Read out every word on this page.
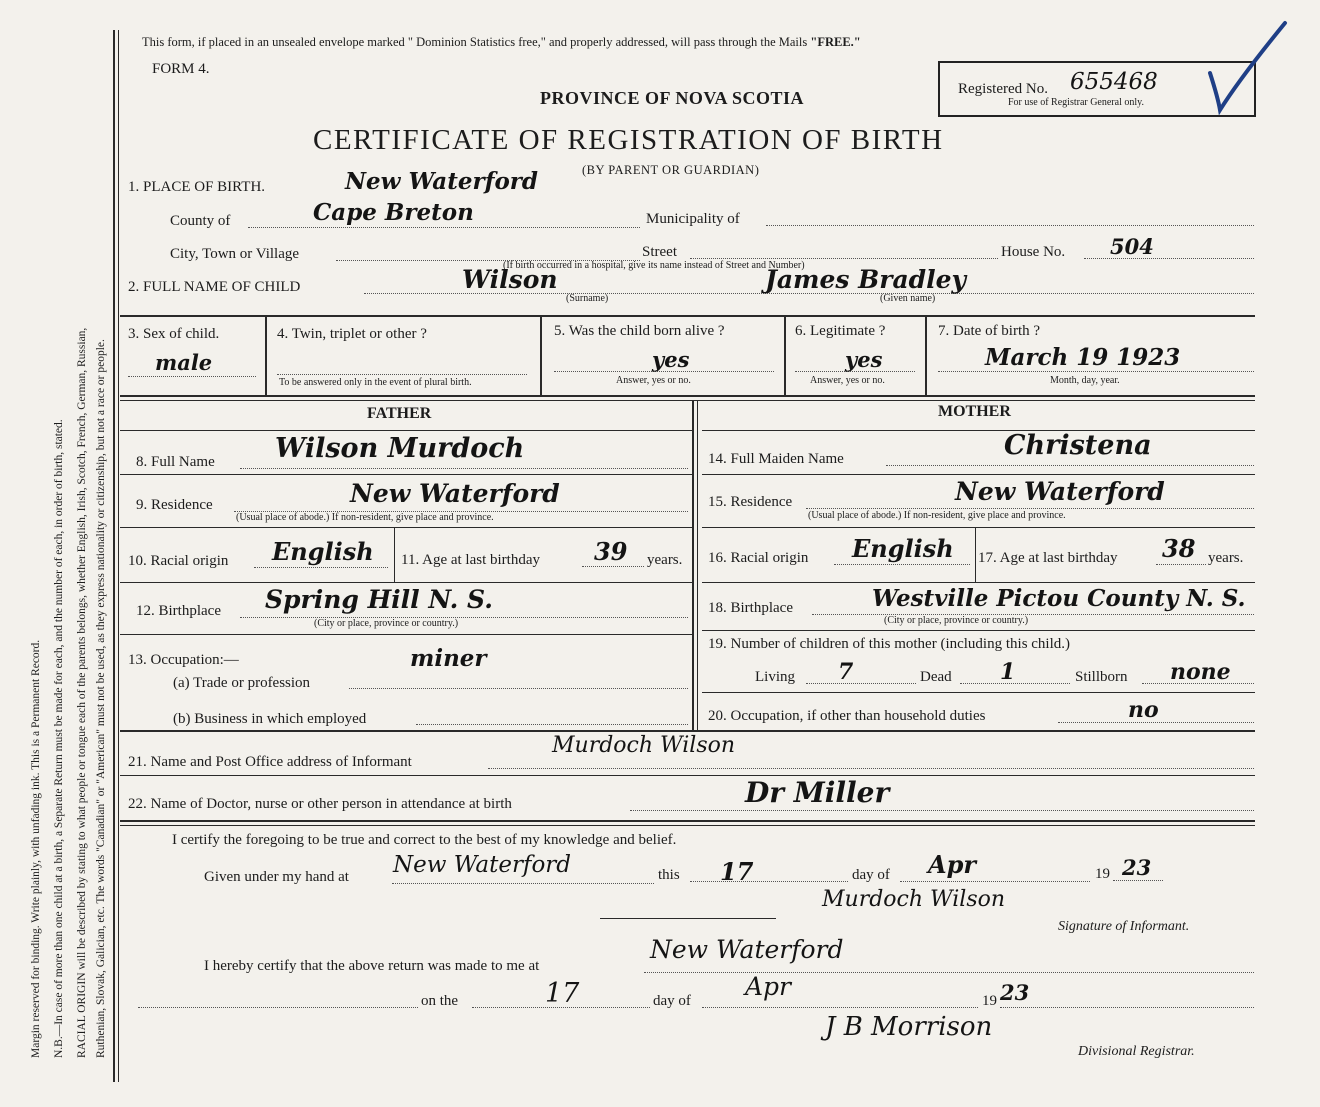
Margin reserved for binding. Write plainly, with unfading ink. This is a Permanent Record. N.B.—In case of more than one child at a birth, a Separate Return must be made for each, and the number of each, in order of birth, stated. RACIAL ORIGIN will be described by stating to what people or tongue each of the parents belongs, whether English, Irish, Scotch, French, German, Russian, Ruthenian, Slovak, Galician, etc. The words "Canadian" or "American" must not be used, as they express nationality or citizenship, but not a race or people.
This form, if placed in an unsealed envelope marked " Dominion Statistics free," and properly addressed, will pass through the Mails "FREE."
FORM 4.
PROVINCE OF NOVA SCOTIA
CERTIFICATE OF REGISTRATION OF BIRTH
(BY PARENT OR GUARDIAN)
Registered No. 655468
For use of Registrar General only.
1. PLACE OF BIRTH.	New Waterford
County of	Cape Breton	Municipality of
City, Town or Village	Street	House No. 504
(If birth occurred in a hospital, give its name instead of Street and Number)
2. FULL NAME OF CHILD	Wilson
(Surname)
James Bradley
(Given name)
3. Sex of child.
male
4. Twin, triplet or other ?
To be answered only in the event of plural birth.
5. Was the child born alive ?
yes
Answer, yes or no.
6. Legitimate ?
yes
Answer, yes or no.
7. Date of birth ?
March 19 1923
Month, day, year.
FATHER	MOTHER
8. Full Name Wilson Murdoch
9. Residence	New Waterford
(Usual place of abode.) If non-resident, give place and province.
10. Racial origin English 11. Age at last birthday 39 years.
12. Birthplace Spring Hill N. S.
(City or place, province or country.)
13. Occupation:—	miner
(a) Trade or profession
(b) Business in which employed
14. Full Maiden Name	Christena
15. Residence	New Waterford
(Usual place of abode.) If non-resident, give place and province.
16. Racial origin English 17. Age at last birthday 38 years.
18. Birthplace	Westville Pictou County N. S.
(City or place, province or country.)
19. Number of children of this mother (including this child.)
Living 7	Dead 1	Stillborn none
20. Occupation, if other than household duties	no
21. Name and Post Office address of Informant
Murdoch Wilson
22. Name of Doctor, nurse or other person in attendance at birth	Dr Miller
I certify the foregoing to be true and correct to the best of my knowledge and belief.
Given under my hand at New Waterford	this 17	day of Apr	19 23
Murdoch Wilson
Signature of Informant.
I hereby certify that the above return was made to me at
New Waterford
on the	17	day of Apr	19 23
J B Morrison
Divisional Registrar.
